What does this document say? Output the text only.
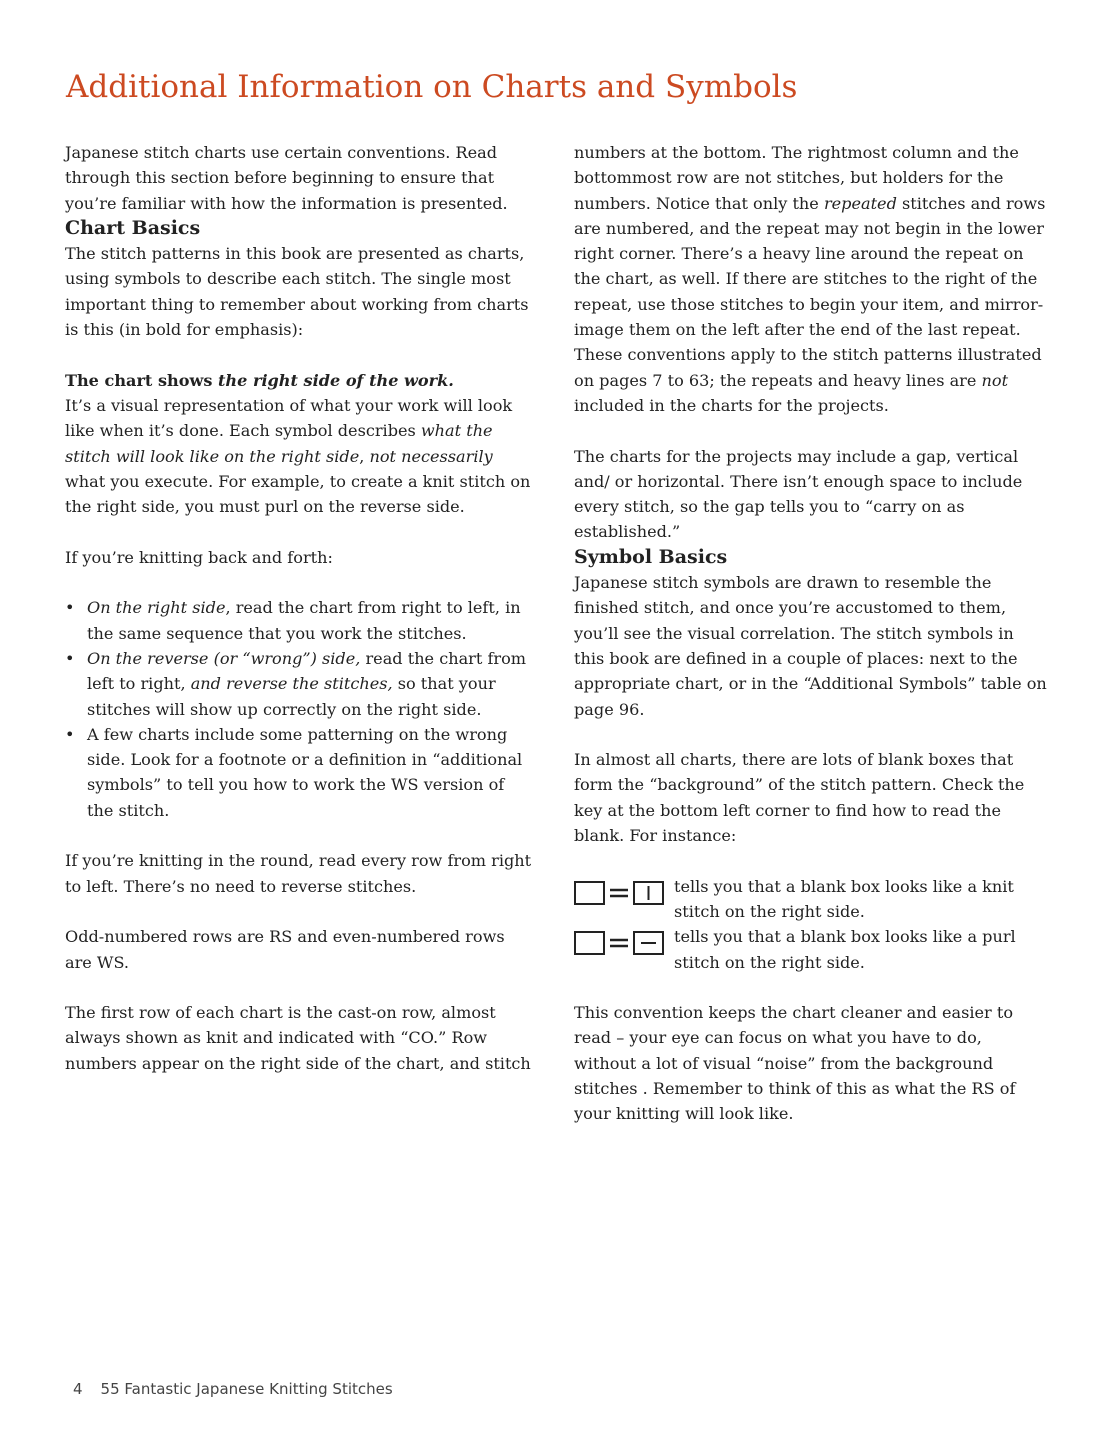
Additional Information on Charts and Symbols

Japanese stitch charts use certain conventions. Read through this section before beginning to ensure that you’re familiar with how the information is presented.

Chart Basics

The stitch patterns in this book are presented as charts, using symbols to describe each stitch. The single most important thing to remember about working from charts is this (in bold for emphasis):

The chart shows the right side of the work.

It’s a visual representation of what your work will look like when it’s done. Each symbol describes what the stitch will look like on the right side, not necessarily what you execute. For example, to create a knit stitch on the right side, you must purl on the reverse side.

If you’re knitting back and forth:

• On the right side, read the chart from right to left, in the same sequence that you work the stitches.
• On the reverse (or “wrong”) side, read the chart from left to right, and reverse the stitches, so that your stitches will show up correctly on the right side.
• A few charts include some patterning on the wrong side. Look for a footnote or a definition in “additional symbols” to tell you how to work the WS version of the stitch.

If you’re knitting in the round, read every row from right to left. There’s no need to reverse stitches.

Odd-numbered rows are RS and even-numbered rows are WS.

The first row of each chart is the cast-on row, almost always shown as knit and indicated with “CO.” Row numbers appear on the right side of the chart, and stitch

numbers at the bottom. The rightmost column and the bottommost row are not stitches, but holders for the numbers. Notice that only the repeated stitches and rows are numbered, and the repeat may not begin in the lower right corner. There’s a heavy line around the repeat on the chart, as well. If there are stitches to the right of the repeat, use those stitches to begin your item, and mirror-image them on the left after the end of the last repeat. These conventions apply to the stitch patterns illustrated on pages 7 to 63; the repeats and heavy lines are not included in the charts for the projects.

The charts for the projects may include a gap, vertical and/ or horizontal. There isn’t enough space to include every stitch, so the gap tells you to “carry on as established.”

Symbol Basics

Japanese stitch symbols are drawn to resemble the finished stitch, and once you’re accustomed to them, you’ll see the visual correlation. The stitch symbols in this book are defined in a couple of places: next to the appropriate chart, or in the “Additional Symbols” table on page 96.

In almost all charts, there are lots of blank boxes that form the “background” of the stitch pattern. Check the key at the bottom left corner to find how to read the blank. For instance:

tells you that a blank box looks like a knit stitch on the right side.
tells you that a blank box looks like a purl stitch on the right side.

This convention keeps the chart cleaner and easier to read – your eye can focus on what you have to do, without a lot of visual “noise” from the background stitches . Remember to think of this as what the RS of your knitting will look like.

4 55 Fantastic Japanese Knitting Stitches
